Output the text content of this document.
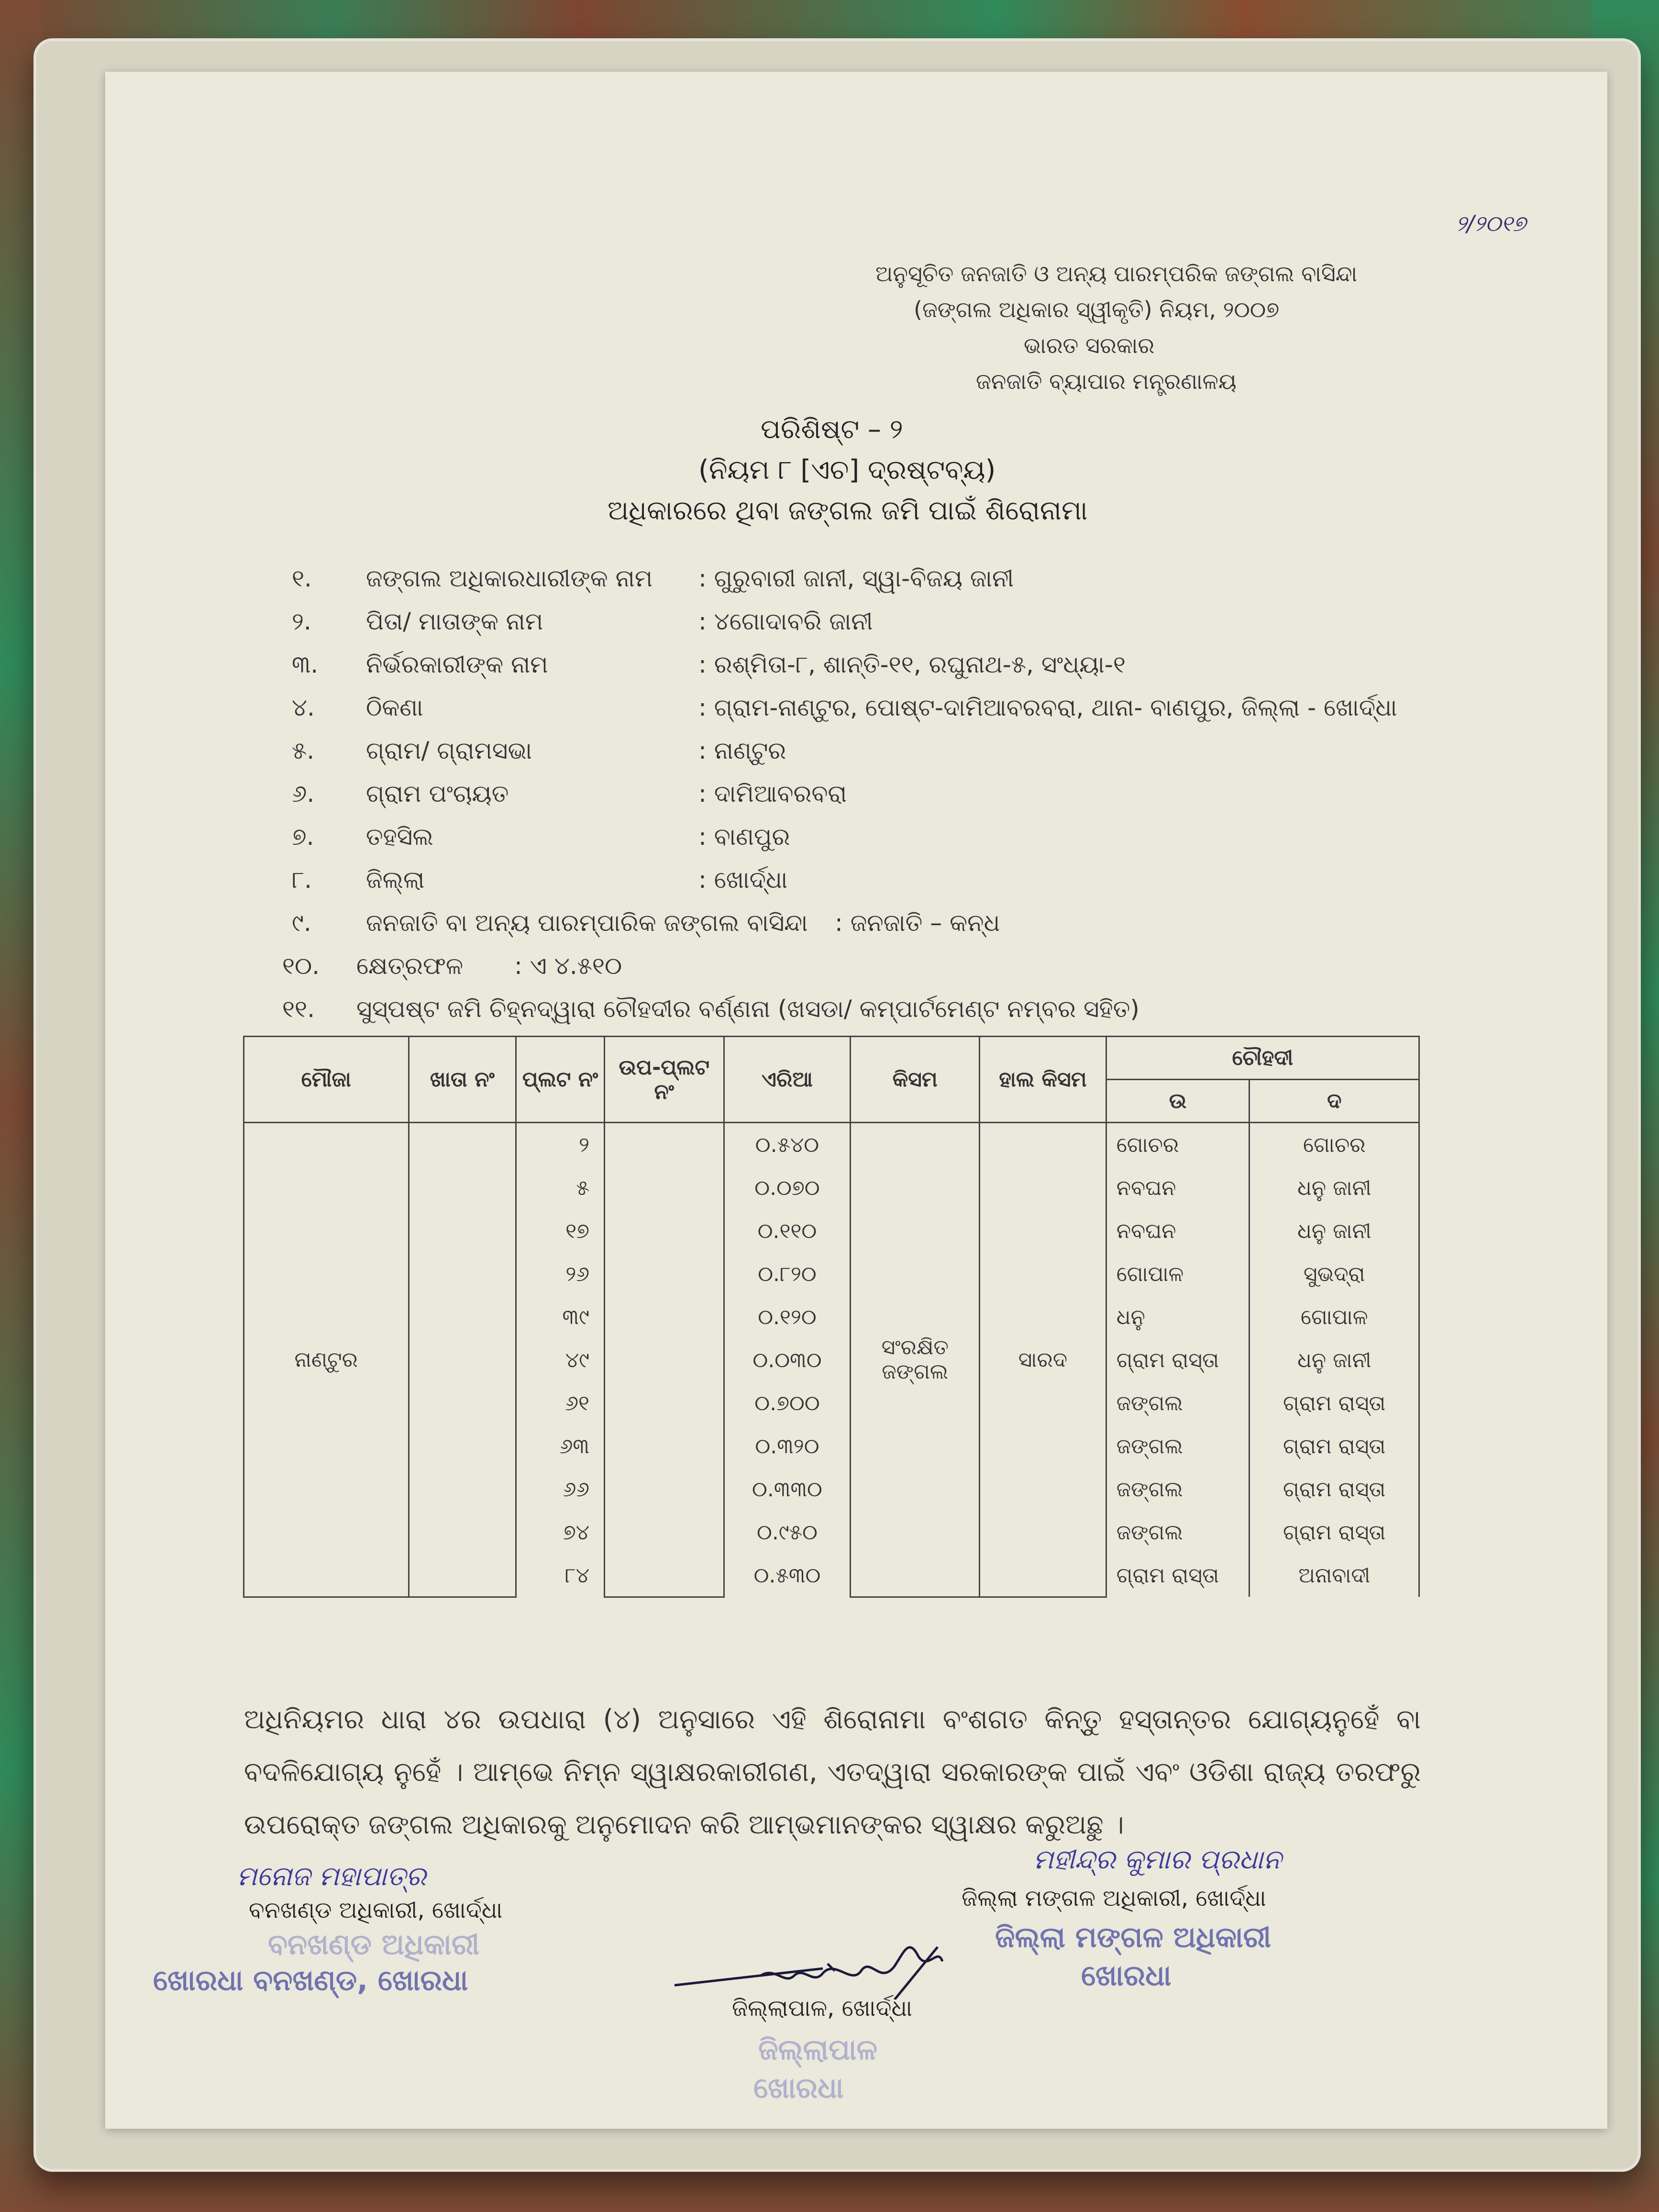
୨/୨୦୧୭
ଅନୁସୂଚିତ ଜନଜାତି ଓ ଅନ୍ୟ ପାରମ୍ପରିକ ଜଙ୍ଗଲ ବାସିନ୍ଦା
(ଜଙ୍ଗଲ ଅଧିକାର ସ୍ୱୀକୃତି) ନିୟମ, ୨୦୦୭
ଭାରତ ସରକାର
ଜନଜାତି ବ୍ୟାପାର ମନ୍ତ୍ରଣାଳୟ
ପରିଶିଷ୍ଟ – ୨
(ନିୟମ ୮ [ଏଚ] ଦ୍ରଷ୍ଟବ୍ୟ)
ଅଧିକାରରେ ଥିବା ଜଙ୍ଗଲ ଜମି ପାଇଁ ଶିରୋନାମା
୧. ଜଙ୍ଗଲ ଅଧିକାରଧାରୀଙ୍କ ନାମ : ଗୁରୁବାରୀ ଜାନୀ, ସ୍ୱା-ବିଜୟ ଜାନୀ
୨. ପିତା/ ମାତାଙ୍କ ନାମ	: ୪ଗୋଦାବରି ଜାନୀ
୩. ନିର୍ଭରକାରୀଙ୍କ ନାମ	: ରଶ୍ମିତା-୮, ଶାନ୍ତି-୧୧, ରଘୁନାଥ-୫, ସଂଧ୍ୟା-୧
୪. ଠିକଣା	: ଗ୍ରାମ-ନାଣ୍ଟୁର, ପୋଷ୍ଟ-ଦାମିଆବରବରା, ଥାନା- ବାଣପୁର, ଜିଲ୍ଲା - ଖୋର୍ଦ୍ଧା
୫. ଗ୍ରାମ/ ଗ୍ରାମସଭା	: ନାଣ୍ଟୁର
୬. ଗ୍ରାମ ପଂଚାୟତ	: ଦାମିଆବରବରା
୭. ତହସିଲ	: ବାଣପୁର
୮. ଜିଲ୍ଲା	: ଖୋର୍ଦ୍ଧା
୯. ଜନଜାତି ବା ଅନ୍ୟ ପାରମ୍ପାରିକ ଜଙ୍ଗଲ ବାସିନ୍ଦା : ଜନଜାତି – କନ୍ଧ
୧୦. କ୍ଷେତ୍ରଫଳ : ଏ ୪.୫୧୦
୧୧. ସୁସ୍ପଷ୍ଟ ଜମି ଚିହ୍ନଦ୍ୱାରା ଚୌହଦୀର ବର୍ଣ୍ଣନା (ଖସଡା/ କମ୍ପାର୍ଟମେଣ୍ଟ ନମ୍ବର ସହିତ)
ମୌଜା	ଖାତା ନଂ	ପ୍ଲଟ ନଂ	ଉପ-ପ୍ଲଟ ନଂ	ଏରିଆ	କିସମ	ହାଲ କିସମ	ଚୌହଦୀ	
							ଉ	ଦ
ନାଣ୍ଟୁର		୨		୦.୫୪୦	ସଂରକ୍ଷିତ ଜଙ୍ଗଲ	ସାରଦ	ଗୋଚର	ଗୋଚର
		୫		୦.୦୭୦			ନବଘନ	ଧନୁ ଜାନୀ
		୧୭		୦.୧୧୦			ନବଘନ	ଧନୁ ଜାନୀ
		୨୬		୦.୮୨୦			ଗୋପାଳ	ସୁଭଦ୍ରା
		୩୯		୦.୧୨୦			ଧନୁ	ଗୋପାଳ
		୪୯		୦.୦୩୦			ଗ୍ରାମ ରାସ୍ତା	ଧନୁ ଜାନୀ
		୬୧		୦.୭୦୦			ଜଙ୍ଗଲ	ଗ୍ରାମ ରାସ୍ତା
		୬୩		୦.୩୨୦			ଜଙ୍ଗଲ	ଗ୍ରାମ ରାସ୍ତା
		୬୬		୦.୩୩୦			ଜଙ୍ଗଲ	ଗ୍ରାମ ରାସ୍ତା
		୭୪		୦.୯୫୦			ଜଙ୍ଗଲ	ଗ୍ରାମ ରାସ୍ତା
		୮୪		୦.୫୩୦			ଗ୍ରାମ ରାସ୍ତା	ଅନାବାଦୀ
ଅଧିନିୟମର ଧାରା ୪ର ଉପଧାରା (୪) ଅନୁସାରେ ଏହି ଶିରୋନାମା ବଂଶଗତ କିନ୍ତୁ ହସ୍ତାନ୍ତର ଯୋଗ୍ୟନୁହେଁ ବା ବଦଳିଯୋଗ୍ୟ ନୁହେଁ । ଆମ୍ଭେ ନିମ୍ନ ସ୍ୱାକ୍ଷରକାରୀଗଣ, ଏତଦ୍ୱାରା ସରକାରଙ୍କ ପାଇଁ ଏବଂ ଓଡିଶା ରାଜ୍ୟ ତରଫରୁ ଉପରୋକ୍ତ ଜଙ୍ଗଲ ଅଧିକାରକୁ ଅନୁମୋଦନ କରି ଆମ୍ଭମାନଙ୍କର ସ୍ୱାକ୍ଷର କରୁଅଛୁ ।
ମନୋଜ ମହାପାତ୍ର
ବନଖଣ୍ଡ ଅଧିକାରୀ, ଖୋର୍ଦ୍ଧା
ବନଖଣ୍ଡ ଅଧିକାରୀ
ଖୋରଧା ବନଖଣ୍ଡ, ଖୋରଧା
ମହୀନ୍ଦ୍ର କୁମାର ପ୍ରଧାନ
ଜିଲ୍ଲା ମଙ୍ଗଳ ଅଧିକାରୀ, ଖୋର୍ଦ୍ଧା
ଜିଲ୍ଲା ମଙ୍ଗଳ ଅଧିକାରୀ
ଖୋରଧା
ଜିଲ୍ଲାପାଳ, ଖୋର୍ଦ୍ଧା
ଜିଲ୍ଲାପାଳ
ଖୋରଧା
